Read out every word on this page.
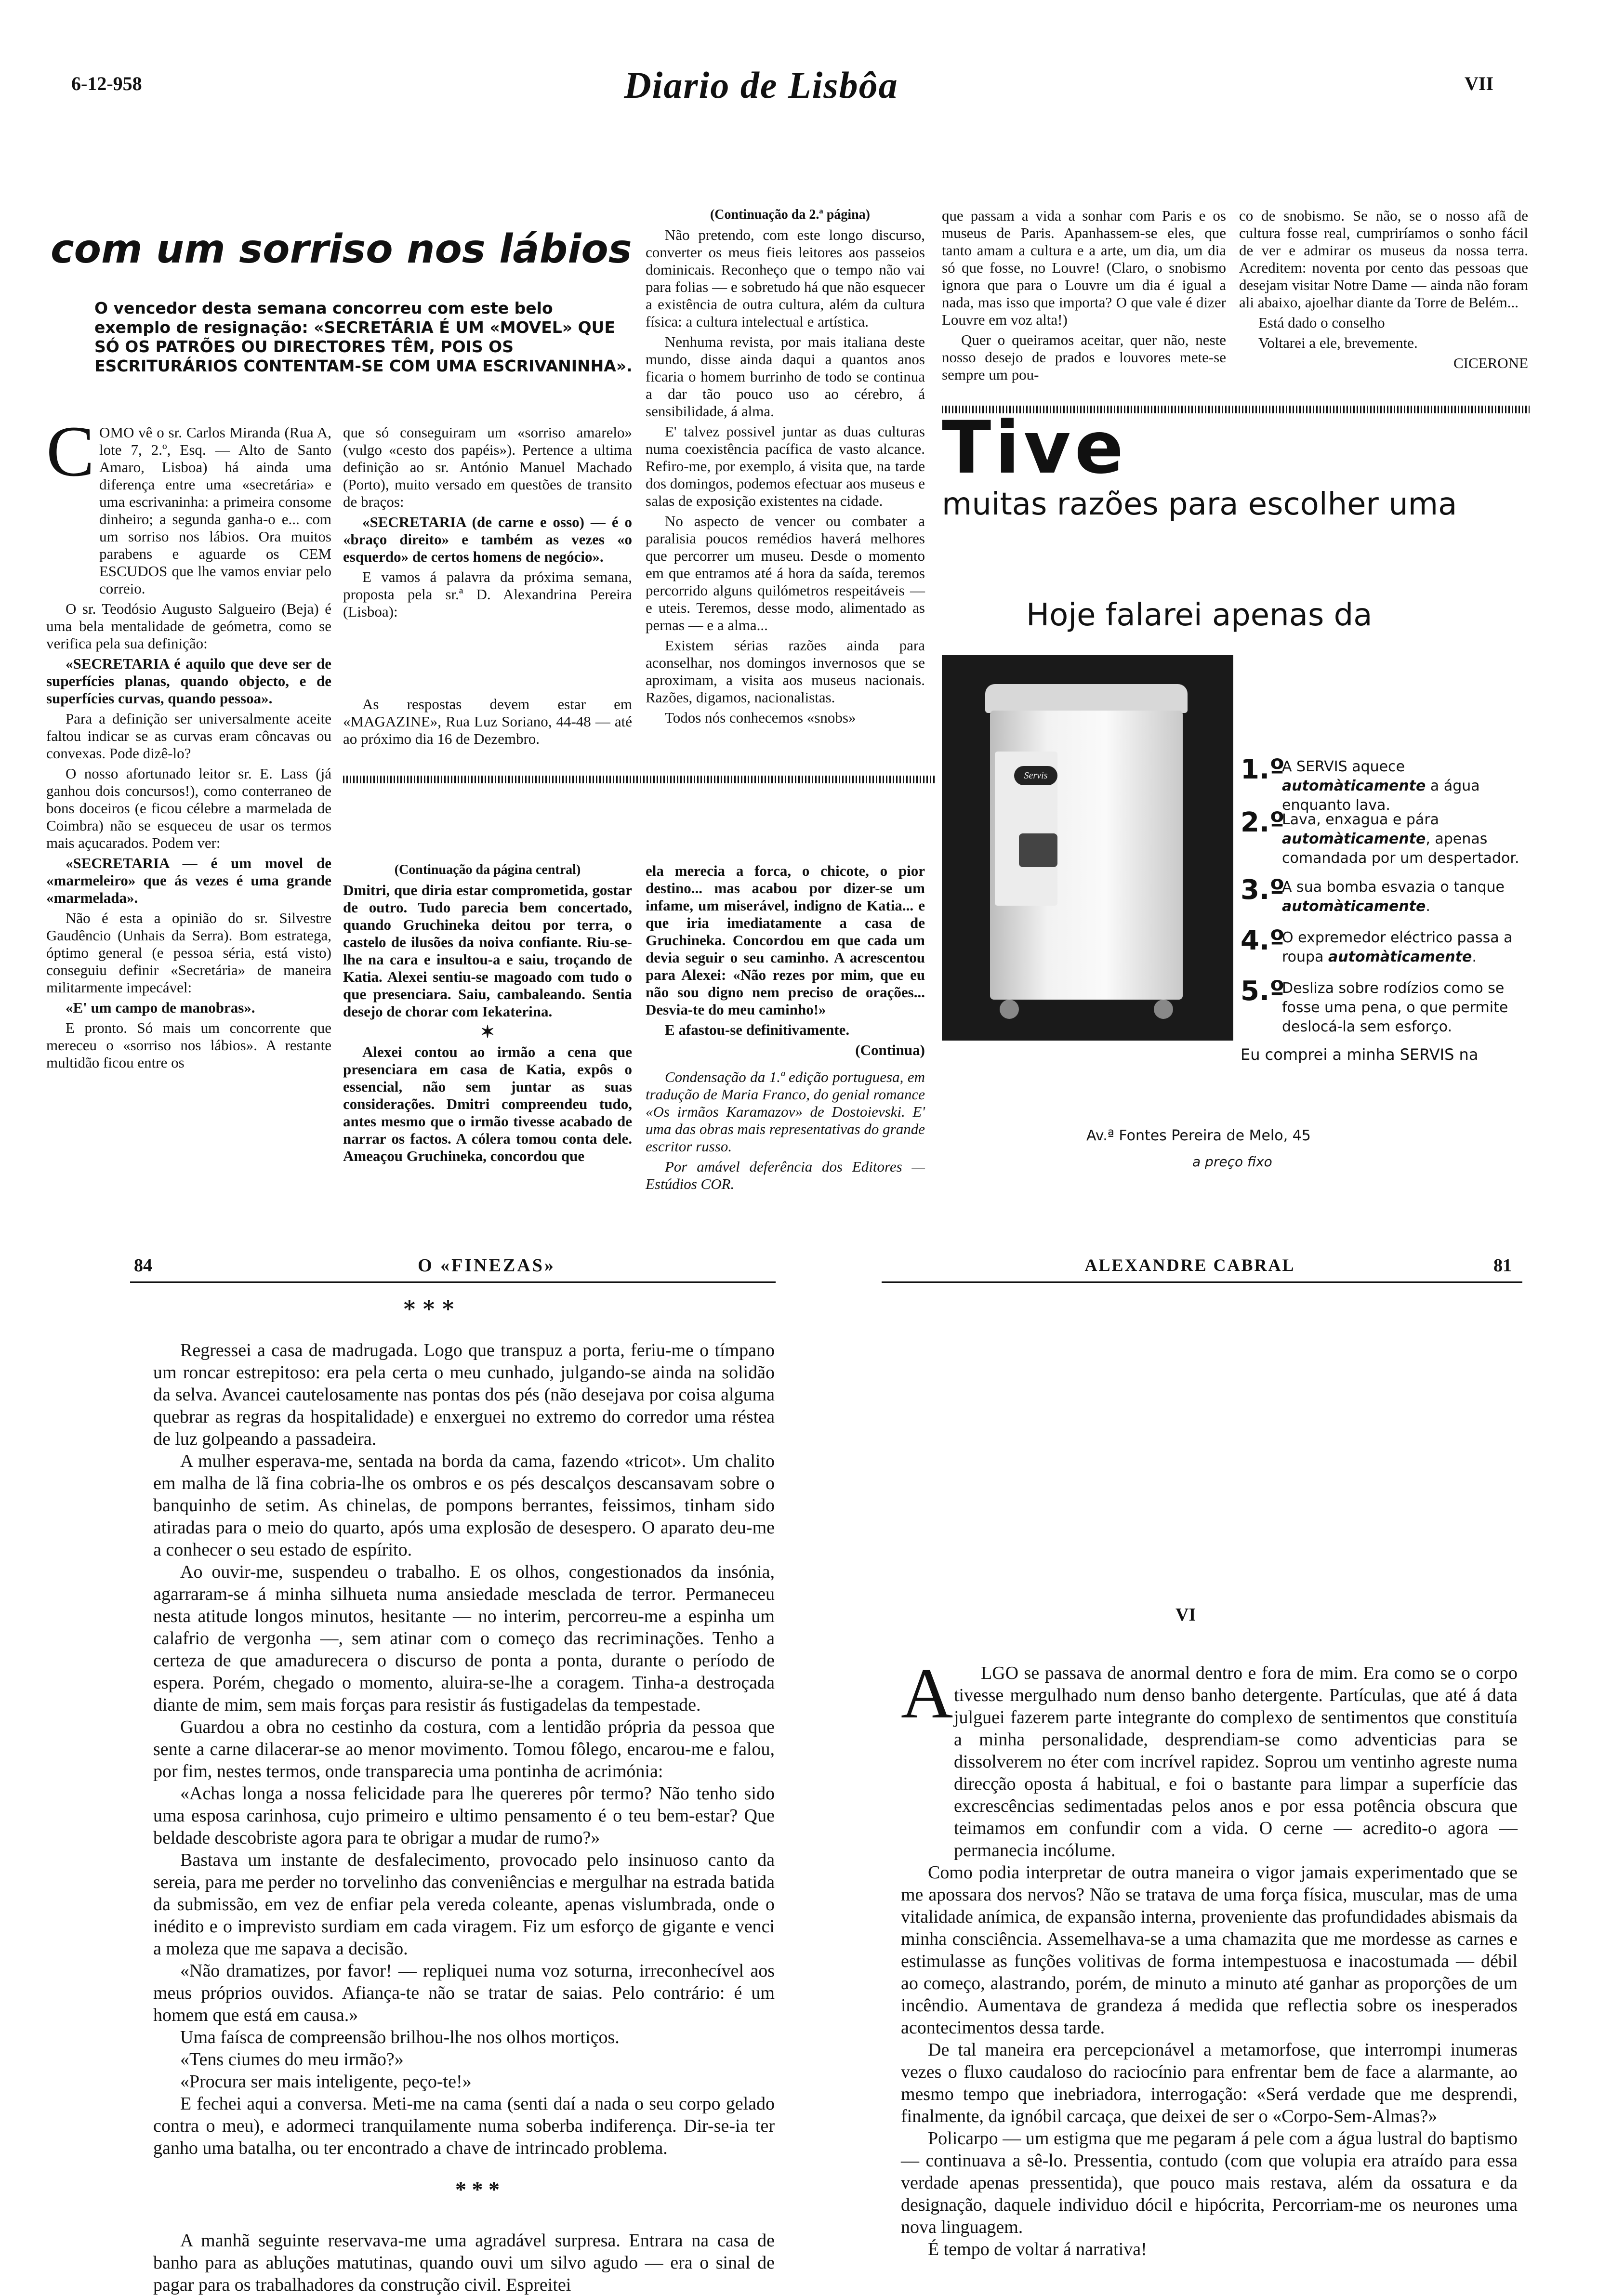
6-12-958	Diario de Lisbôa	VII
com um sorriso nos lábios
O vencedor desta semana concorreu com este belo exemplo de resignação: «SECRETÁRIA É UM «MOVEL» QUE SÓ OS PATRÕES OU DIRECTORES TÊM, POIS OS ESCRITURÁRIOS CONTENTAM-SE COM UMA ESCRIVANINHA».
C OMO vê o sr. Carlos Miranda (Rua A, lote 7, 2.º, Esq. — Alto de Santo Amaro, Lisboa) há ainda uma diferença entre uma «secretária» e uma escrivaninha: a primeira consome dinheiro; a segunda ganha-o e... com um sorriso nos lábios. Ora muitos parabens e aguarde os CEM ESCUDOS que lhe vamos enviar pelo correio.

O sr. Teodósio Augusto Salgueiro (Beja) é uma bela mentalidade de geómetra, como se verifica pela sua definição:

«SECRETARIA é aquilo que deve ser de superfícies planas, quando objecto, e de superfícies curvas, quando pessoa».

Para a definição ser universalmente aceite faltou indicar se as curvas eram côncavas ou convexas. Pode dizê-lo?

O nosso afortunado leitor sr. E. Lass (já ganhou dois concursos!), como conterraneo de bons doceiros (e ficou célebre a marmelada de Coimbra) não se esqueceu de usar os termos mais açucarados. Podem ver:

«SECRETARIA — é um movel de «marmeleiro» que ás vezes é uma grande «marmelada».

Não é esta a opinião do sr. Silvestre Gaudêncio (Unhais da Serra). Bom estratega, óptimo general (e pessoa séria, está visto) conseguiu definir «Secretária» de maneira militarmente impecável:

«E' um campo de manobras».

E pronto. Só mais um concorrente que mereceu o «sorriso nos lábios». A restante multidão ficou entre os

que só conseguiram um «sorriso amarelo» (vulgo «cesto dos papéis»). Pertence a ultima definição ao sr. António Manuel Machado (Porto), muito versado em questões de transito de braços:

«SECRETARIA (de carne e osso) — é o «braço direito» e também as vezes «o esquerdo» de certos homens de negócio».

E vamos á palavra da próxima semana, proposta pela sr.ª D. Alexandrina Pereira (Lisboa):

As respostas devem estar em «MAGAZINE», Rua Luz Soriano, 44-48 — até ao próximo dia 16 de Dezembro.

(Continuação da 2.ª página)

Não pretendo, com este longo discurso, converter os meus fieis leitores aos passeios dominicais. Reconheço que o tempo não vai para folias — e sobretudo há que não esquecer a existência de outra cultura, além da cultura física: a cultura intelectual e artística.

Nenhuma revista, por mais italiana deste mundo, disse ainda daqui a quantos anos ficaria o homem burrinho de todo se continua a dar tão pouco uso ao cérebro, á sensibilidade, á alma.

E' talvez possivel juntar as duas culturas numa coexistência pacífica de vasto alcance. Refiro-me, por exemplo, á visita que, na tarde dos domingos, podemos efectuar aos museus e salas de exposição existentes na cidade.

No aspecto de vencer ou combater a paralisia poucos remédios haverá melhores que percorrer um museu. Desde o momento em que entramos até á hora da saída, teremos percorrido alguns quilómetros respeitáveis — e uteis. Teremos, desse modo, alimentado as pernas — e a alma...

Existem sérias razões ainda para aconselhar, nos domingos invernosos que se aproximam, a visita aos museus nacionais. Razões, digamos, nacionalistas.

Todos nós conhecemos «snobs»

que passam a vida a sonhar com Paris e os museus de Paris. Apanhassem-se eles, que tanto amam a cultura e a arte, um dia, um dia só que fosse, no Louvre! (Claro, o snobismo ignora que para o Louvre um dia é igual a nada, mas isso que importa? O que vale é dizer Louvre em voz alta!)

Quer o queiramos aceitar, quer não, neste nosso desejo de prados e louvores mete-se sempre um pou-

co de snobismo. Se não, se o nosso afã de cultura fosse real, cumpriríamos o sonho fácil de ver e admirar os museus da nossa terra. Acreditem: noventa por cento das pessoas que desejam visitar Notre Dame — ainda não foram ali abaixo, ajoelhar diante da Torre de Belém...

Está dado o conselho

Voltarei a ele, brevemente.

CICERONE

(Continuação da página central)

Dmitri, que diria estar comprometida, gostar de outro. Tudo parecia bem concertado, quando Gruchineka deitou por terra, o castelo de ilusões da noiva confiante. Riu-se-lhe na cara e insultou-a e saiu, troçando de Katia. Alexei sentiu-se magoado com tudo o que presenciara. Saiu, cambaleando. Sentia desejo de chorar com Iekaterina.

✶

Alexei contou ao irmão a cena que presenciara em casa de Katia, expôs o essencial, não sem juntar as suas considerações. Dmitri compreendeu tudo, antes mesmo que o irmão tivesse acabado de narrar os factos. A cólera tomou conta dele. Ameaçou Gruchineka, concordou que

ela merecia a forca, o chicote, o pior destino... mas acabou por dizer-se um infame, um miserável, indigno de Katia... e que iria imediatamente a casa de Gruchineka. Concordou em que cada um devia seguir o seu caminho. A acrescentou para Alexei: «Não rezes por mim, que eu não sou digno nem preciso de orações... Desvia-te do meu caminho!»

E afastou-se definitivamente.

(Continua)

Condensação da 1.ª edição portuguesa, em tradução de Maria Franco, do genial romance «Os irmãos Karamazov» de Dostoievski. E' uma das obras mais representativas do grande escritor russo.

Por amável deferência dos Editores — Estúdios COR.

Tive
muitas razões para escolher uma
Hoje falarei apenas da
Servis	1.º
A SERVIS aquece automàticamente a água enquanto lava.
2.º
Lava, enxagua e pára automàticamente, apenas comandada por um despertador.
3.º
A sua bomba esvazia o tanque automàticamente.
4.º
O expremedor eléctrico passa a roupa automàticamente.
5.º
Desliza sobre rodízios como se fosse uma pena, o que permite deslocá-la sem esforço.
Eu comprei a minha SERVIS na
Av.ª Fontes Pereira de Melo, 45
a preço fixo
84	O «FINEZAS»
* * *

Regressei a casa de madrugada. Logo que transpuz a porta, feriu-me o tímpano um roncar estrepitoso: era pela certa o meu cunhado, julgando-se ainda na solidão da selva. Avancei cautelosamente nas pontas dos pés (não desejava por coisa alguma quebrar as regras da hospitalidade) e enxerguei no extremo do corredor uma réstea de luz golpeando a passadeira.

A mulher esperava-me, sentada na borda da cama, fazendo «tricot». Um chalito em malha de lã fina cobria-lhe os ombros e os pés descalços descansavam sobre o banquinho de setim. As chinelas, de pompons berrantes, feissimos, tinham sido atiradas para o meio do quarto, após uma explosão de desespero. O aparato deu-me a conhecer o seu estado de espírito.

Ao ouvir-me, suspendeu o trabalho. E os olhos, congestionados da insónia, agarraram-se á minha silhueta numa ansiedade mesclada de terror. Permaneceu nesta atitude longos minutos, hesitante — no interim, percorreu-me a espinha um calafrio de vergonha —, sem atinar com o começo das recriminações. Tenho a certeza de que amadurecera o discurso de ponta a ponta, durante o período de espera. Porém, chegado o momento, aluira-se-lhe a coragem. Tinha-a destroçada diante de mim, sem mais forças para resistir ás fustigadelas da tempestade.

Guardou a obra no cestinho da costura, com a lentidão própria da pessoa que sente a carne dilacerar-se ao menor movimento. Tomou fôlego, encarou-me e falou, por fim, nestes termos, onde transparecia uma pontinha de acrimónia:

«Achas longa a nossa felicidade para lhe quereres pôr termo? Não tenho sido uma esposa carinhosa, cujo primeiro e ultimo pensamento é o teu bem-estar? Que beldade descobriste agora para te obrigar a mudar de rumo?»

Bastava um instante de desfalecimento, provocado pelo insinuoso canto da sereia, para me perder no torvelinho das conveniências e mergulhar na estrada batida da submissão, em vez de enfiar pela vereda coleante, apenas vislumbrada, onde o inédito e o imprevisto surdiam em cada viragem. Fiz um esforço de gigante e venci a moleza que me sapava a decisão.

«Não dramatizes, por favor! — repliquei numa voz soturna, irreconhecível aos meus próprios ouvidos. Afiança-te não se tratar de saias. Pelo contrário: é um homem que está em causa.»

Uma faísca de compreensão brilhou-lhe nos olhos mortiços.

«Tens ciumes do meu irmão?»

«Procura ser mais inteligente, peço-te!»

E fechei aqui a conversa. Meti-me na cama (senti daí a nada o seu corpo gelado contra o meu), e adormeci tranquilamente numa soberba indiferença. Dir-se-ia ter ganho uma batalha, ou ter encontrado a chave de intrincado problema.

* * *

A manhã seguinte reservava-me uma agradável surpresa. Entrara na casa de banho para as abluções matutinas, quando ouvi um silvo agudo — era o sinal de pagar para os trabalhadores da construção civil. Espreitei

ALEXANDRE CABRAL	81
VI
A	LGO se passava de anormal dentro e fora de mim. Era como se o corpo tivesse mergulhado num denso banho detergente. Partículas, que até á data julguei fazerem parte integrante do complexo de sentimentos que constituía a minha personalidade, desprendiam-se como adventicias para se dissolverem no éter com incrível rapidez. Soprou um ventinho agreste numa direcção oposta á habitual, e foi o bastante para limpar a superfície das excrescências sedimentadas pelos anos e por essa potência obscura que teimamos em confundir com a vida. O cerne — acredito-o agora — permanecia incólume.

Como podia interpretar de outra maneira o vigor jamais experimentado que se me apossara dos nervos? Não se tratava de uma força física, muscular, mas de uma vitalidade anímica, de expansão interna, proveniente das profundidades abismais da minha consciência. Assemelhava-se a uma chamazita que me mordesse as carnes e estimulasse as funções volitivas de forma intempestuosa e inacostumada — débil ao começo, alastrando, porém, de minuto a minuto até ganhar as proporções de um incêndio. Aumentava de grandeza á medida que reflectia sobre os inesperados acontecimentos dessa tarde.

De tal maneira era percepcionável a metamorfose, que interrompi inumeras vezes o fluxo caudaloso do raciocínio para enfrentar bem de face a alarmante, ao mesmo tempo que inebriadora, interrogação: «Será verdade que me desprendi, finalmente, da ignóbil carcaça, que deixei de ser o «Corpo-Sem-Almas?»

Policarpo — um estigma que me pegaram á pele com a água lustral do baptismo — continuava a sê-lo. Pressentia, contudo (com que volupia era atraído para essa verdade apenas pressentida), que pouco mais restava, além da ossatura e da designação, daquele individuo dócil e hipócrita, Percorriam-me os neurones uma nova linguagem.

É tempo de voltar á narrativa!
